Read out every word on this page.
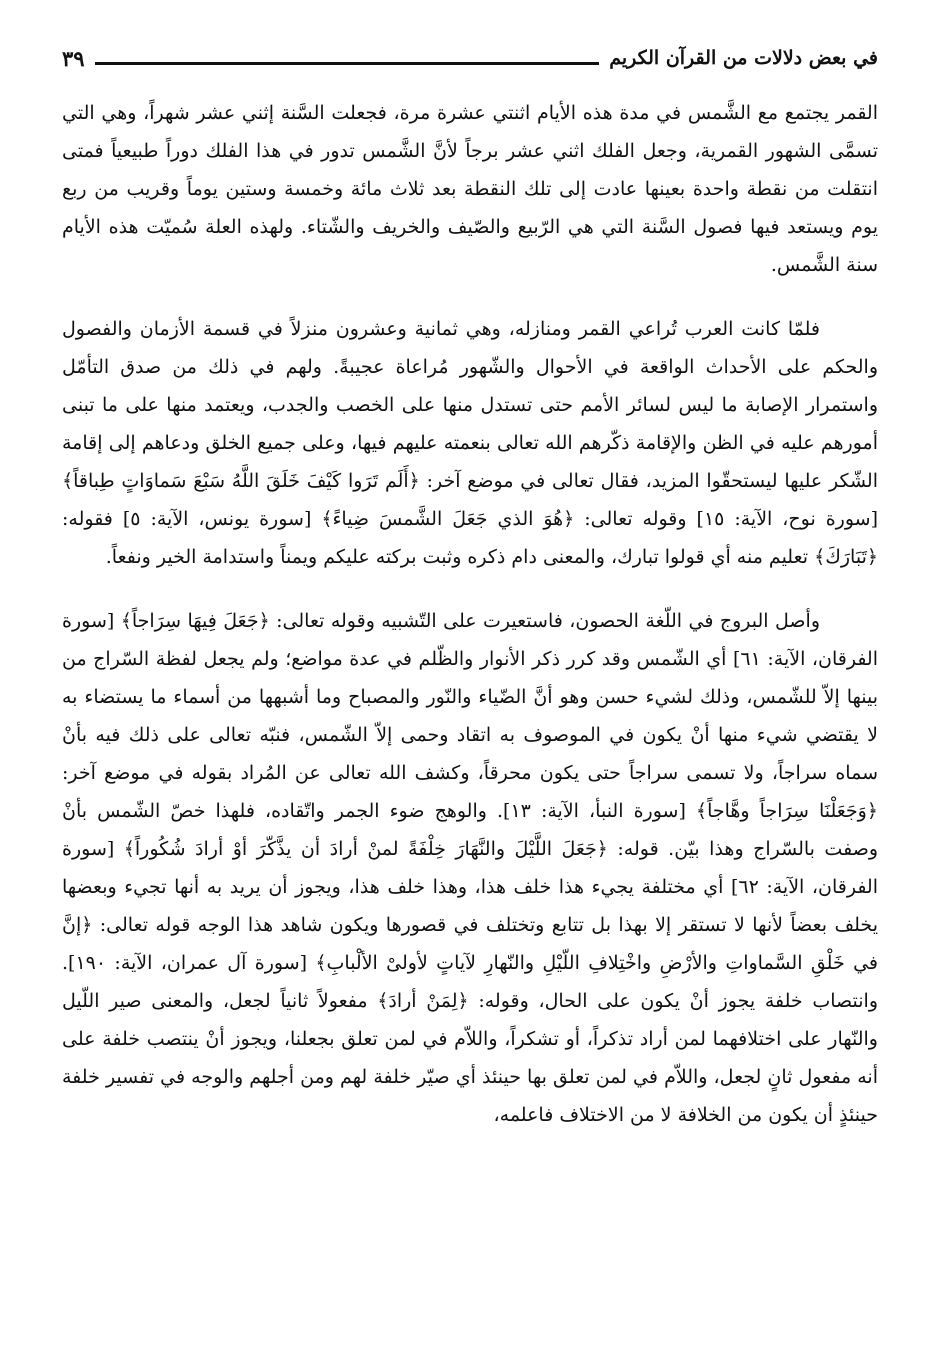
في بعض دلالات من القرآن الكريم
٣٩

القمر يجتمع مع الشَّمس في مدة هذه الأيام اثنتي عشرة مرة، فجعلت السَّنة إثني عشر شهراً، وهي التي تسمَّى الشهور القمرية، وجعل الفلك اثني عشر برجاً لأنَّ الشَّمس تدور في هذا الفلك دوراً طبيعياً فمتى انتقلت من نقطة واحدة بعينها عادت إلى تلك النقطة بعد ثلاث مائة وخمسة وستين يوماً وقريب من ربع يوم ويستعد فيها فصول السَّنة التي هي الرّبيع والصّيف والخريف والشّتاء. ولهذه العلة سُميّت هذه الأيام سنة الشَّمس.

فلمّا كانت العرب تُراعي القمر ومنازله، وهي ثمانية وعشرون منزلاً في قسمة الأزمان والفصول والحكم على الأحداث الواقعة في الأحوال والشّهور مُراعاة عجيبةً. ولهم في ذلك من صدق التأمّل واستمرار الإصابة ما ليس لسائر الأمم حتى تستدل منها على الخصب والجدب، ويعتمد منها على ما تبنى أمورهم عليه في الظن والإقامة ذكّرهم الله تعالى بنعمته عليهم فيها، وعلى جميع الخلق ودعاهم إلى إقامة الشّكر عليها ليستحقّوا المزيد، فقال تعالى في موضع آخر: ﴿أَلَم تَرَوا كَيْفَ خَلَقَ اللَّهُ سَبْعَ سَماوَاتٍ طِباقاً﴾ [سورة نوح، الآية: ١٥] وقوله تعالى: ﴿هُوَ الذي جَعَلَ الشَّمسَ ضِياءً﴾ [سورة يونس، الآية: ٥] فقوله: ﴿تَبَارَكَ﴾ تعليم منه أي قولوا تبارك، والمعنى دام ذكره وثبت بركته عليكم ويمناً واستدامة الخير ونفعاً.

وأصل البروج في اللّغة الحصون، فاستعيرت على التّشبيه وقوله تعالى: ﴿جَعَلَ فِيهَا سِرَاجاً﴾ [سورة الفرقان، الآية: ٦١] أي الشّمس وقد كرر ذكر الأنوار والظّلم في عدة مواضع؛ ولم يجعل لفظة السّراج من بينها إلاّ للشّمس، وذلك لشيء حسن وهو أنَّ الضّياء والنّور والمصباح وما أشبهها من أسماء ما يستضاء به لا يقتضي شيء منها أنْ يكون في الموصوف به اتقاد وحمى إلاّ الشّمس، فنبّه تعالى على ذلك فيه بأنْ سماه سراجاً، ولا تسمى سراجاً حتى يكون محرقاً، وكشف الله تعالى عن المُراد بقوله في موضع آخر: ﴿وَجَعَلْنَا سِرَاجاً وهَّاجاً﴾ [سورة النبأ، الآية: ١٣]. والوهج ضوء الجمر واتّقاده، فلهذا خصّ الشّمس بأنْ وصفت بالسّراج وهذا بيّن. قوله: ﴿جَعَلَ اللَّيْلَ والنَّهَارَ خِلْفَةً لمنْ أرادَ أن يذَّكّرَ أوْ أرادَ شُكُوراً﴾ [سورة الفرقان، الآية: ٦٢] أي مختلفة يجيء هذا خلف هذا، وهذا خلف هذا، ويجوز أن يريد به أنها تجيء وبعضها يخلف بعضاً لأنها لا تستقر إلا بهذا بل تتابع وتختلف في قصورها ويكون شاهد هذا الوجه قوله تعالى: ﴿إنَّ في خَلْقِ السَّماواتِ والأرْضِ واخْتِلافِ اللّيْلِ والنّهارِ لآياتٍ لأولىْ الألْبابِ﴾ [سورة آل عمران، الآية: ١٩٠]. وانتصاب خلفة يجوز أنْ يكون على الحال، وقوله: ﴿لِمَنْ أرادَ﴾ مفعولاً ثانياً لجعل، والمعنى صير اللّيل والنّهار على اختلافهما لمن أراد تذكراً، أو تشكراً، واللاّم في لمن تعلق بجعلنا، ويجوز أنْ ينتصب خلفة على أنه مفعول ثانٍ لجعل، واللاّم في لمن تعلق بها حينئذ أي صيّر خلفة لهم ومن أجلهم والوجه في تفسير خلفة حينئذٍ أن يكون من الخلافة لا من الاختلاف فاعلمه،
